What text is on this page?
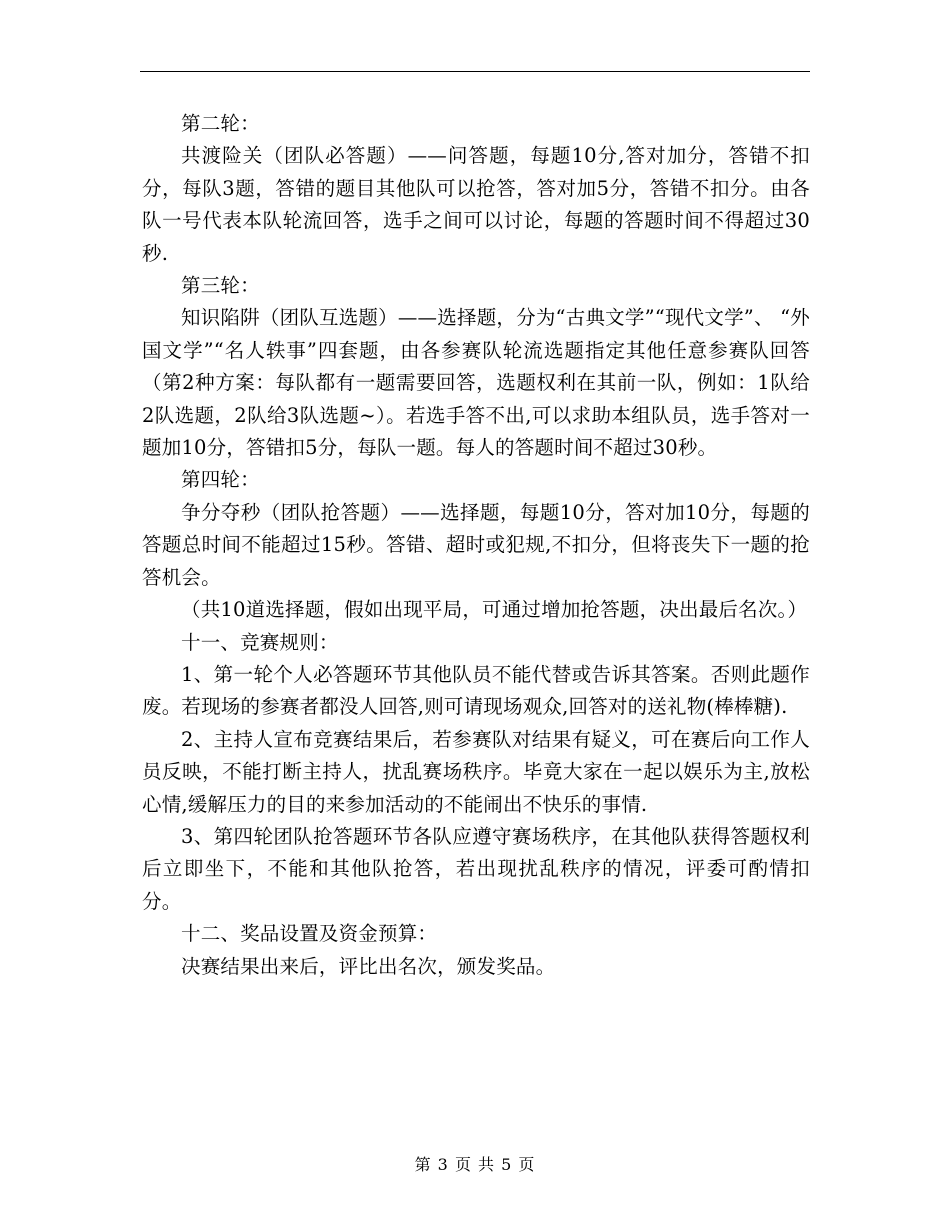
第二轮：

共渡险关（团队必答题）——问答题，每题10分,答对加分，答错不扣分，每队3题，答错的题目其他队可以抢答，答对加5分，答错不扣分。由各队一号代表本队轮流回答，选手之间可以讨论，每题的答题时间不得超过30秒.

第三轮：

知识陷阱（团队互选题）——选择题，分为“古典文学”“现代文学”、 “外国文学”“名人轶事”四套题，由各参赛队轮流选题指定其他任意参赛队回答（第2种方案：每队都有一题需要回答，选题权利在其前一队，例如：1队给2队选题，2队给3队选题~）。若选手答不出,可以求助本组队员，选手答对一题加10分，答错扣5分，每队一题。每人的答题时间不超过30秒。

第四轮：

争分夺秒（团队抢答题）——选择题，每题10分，答对加10分，每题的答题总时间不能超过15秒。答错、超时或犯规,不扣分，但将丧失下一题的抢答机会。

（共10道选择题，假如出现平局，可通过增加抢答题，决出最后名次。）

十一、竞赛规则：

1、第一轮个人必答题环节其他队员不能代替或告诉其答案。否则此题作废。若现场的参赛者都没人回答,则可请现场观众,回答对的送礼物(棒棒糖).

2、主持人宣布竞赛结果后，若参赛队对结果有疑义，可在赛后向工作人员反映，不能打断主持人，扰乱赛场秩序。毕竟大家在一起以娱乐为主,放松心情,缓解压力的目的来参加活动的不能闹出不快乐的事情.

3、第四轮团队抢答题环节各队应遵守赛场秩序，在其他队获得答题权利后立即坐下，不能和其他队抢答，若出现扰乱秩序的情况，评委可酌情扣分。

十二、奖品设置及资金预算：

决赛结果出来后，评比出名次，颁发奖品。

第 3 页 共 5 页
